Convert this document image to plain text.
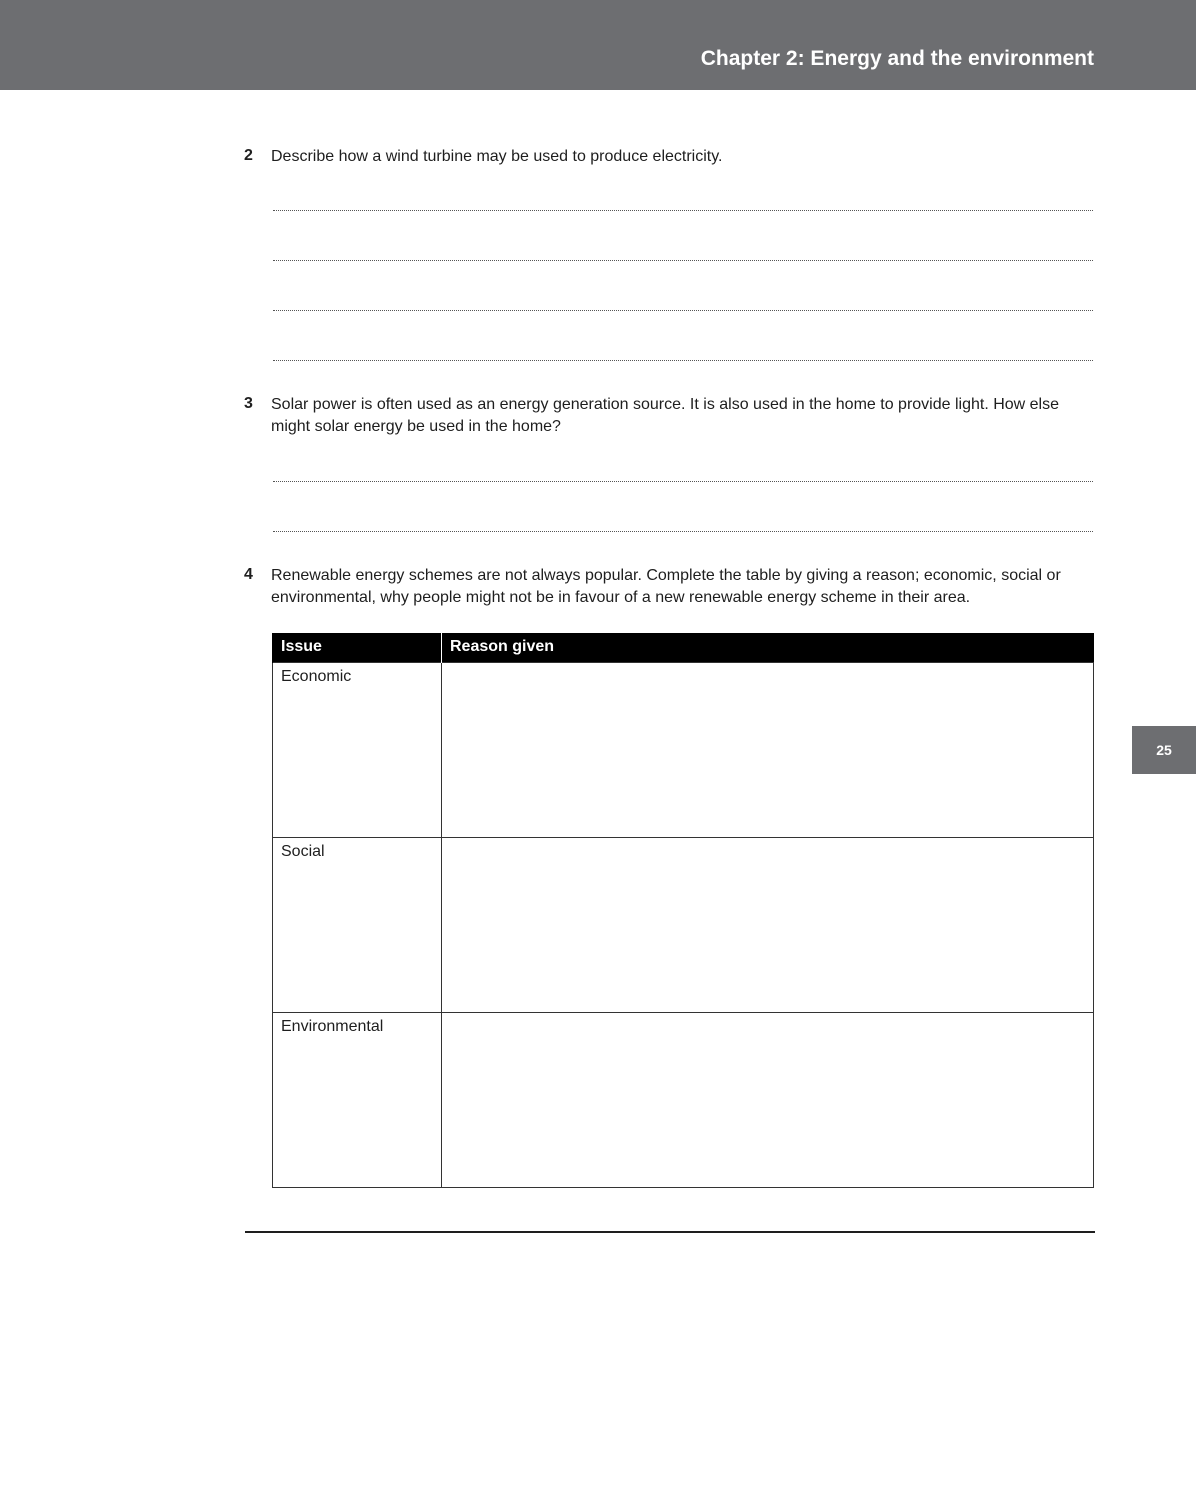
Chapter 2: Energy and the environment
25
2 Describe how a wind turbine may be used to produce electricity.
3 Solar power is often used as an energy generation source. It is also used in the home to provide light. How else might solar energy be used in the home?
4 Renewable energy schemes are not always popular. Complete the table by giving a reason; economic, social or environmental, why people might not be in favour of a new renewable energy scheme in their area.
Issue	Reason given
Economic	
Social	
Environmental	
